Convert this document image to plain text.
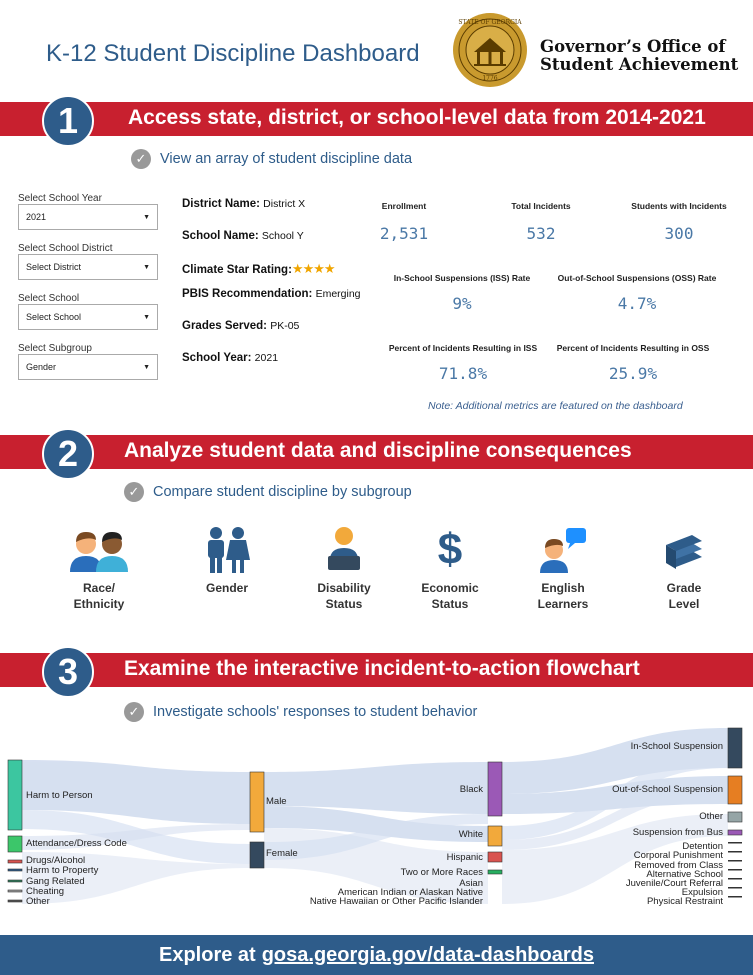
K-12 Student Discipline Dashboard
STATE OF GEORGIA
1776
Governor’s Office of
Student Achievement
1	Access state, district, or school-level data from 2014-2021
✓ View an array of student discipline data
Select School Year
2021	▼
Select School District
Select District	▼
Select School
Select School	▼
Select Subgroup
Gender	▼
District Name: District X
School Name: School Y
Climate Star Rating:★★★★
PBIS Recommendation: Emerging
Grades Served: PK-05
School Year: 2021
Enrollment
2,531
Total Incidents
532
Students with Incidents
300
In-School Suspensions (ISS) Rate
9%
Out-of-School Suspensions (OSS) Rate
4.7%
Percent of Incidents Resulting in ISS
71.8%
Percent of Incidents Resulting in OSS
25.9%
Note: Additional metrics are featured on the dashboard
2	Analyze student data and discipline consequences
✓ Compare student discipline by subgroup
Race/
Ethnicity
Gender	Disability
Status
$
Economic
Status
English
Learners
Grade
Level
3	Examine the interactive incident-to-action flowchart
✓ Investigate schools' responses to student behavior
Harm to Person
Attendance/Dress Code
Drugs/Alcohol
Harm to Property
Gang Related
Cheating
Other
Male
Female
Black
White
Hispanic
Two or More Races
Asian
American Indian or Alaskan Native
Native Hawaiian or Other Pacific Islander
In-School Suspension
Out-of-School Suspension
Other
Suspension from Bus
Detention
Corporal Punishment
Removed from Class
Alternative School
Juvenile/Court Referral
Expulsion
Physical Restraint
Explore at gosa.georgia.gov/data-dashboards
